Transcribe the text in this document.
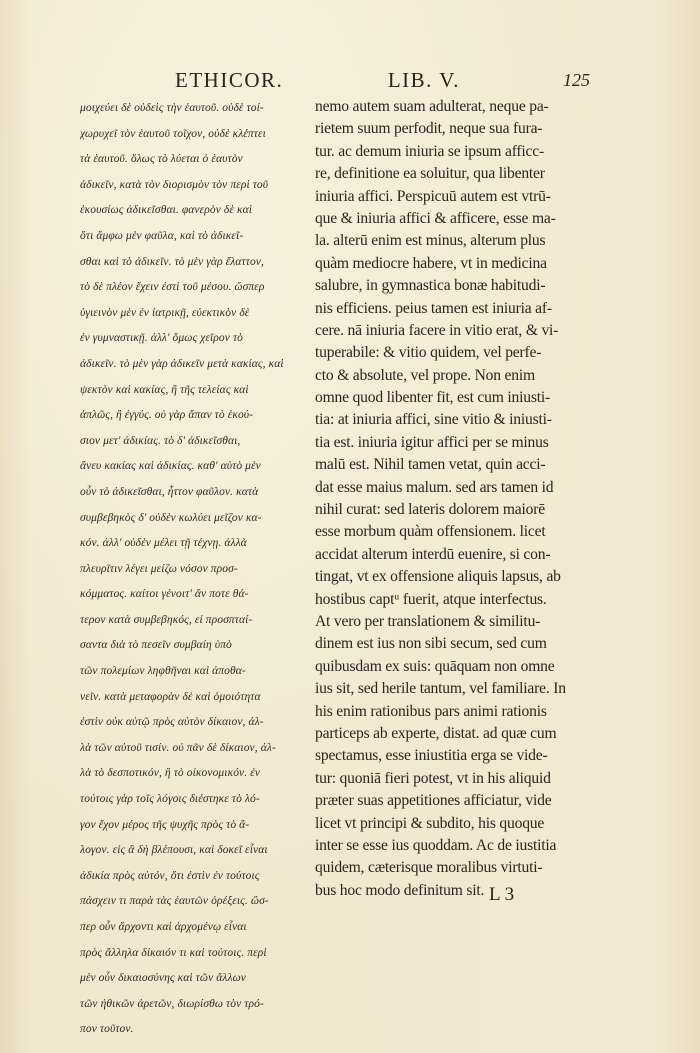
ETHICOR.	LIB. V.	125
μοιχεύει δὲ οὐδεὶς τὴν ἑαυτοῦ. οὐδὲ τοί-
χωρυχεῖ τὸν ἑαυτοῦ τοῖχον, οὐδὲ κλέπτει
τὰ ἑαυτοῦ. ὅλως τὸ λύεται ὁ ἑαυτὸν
ἀδικεῖν, κατὰ τὸν διορισμὸν τὸν περὶ τοῦ
ἑκουσίως ἀδικεῖσθαι. φανερὸν δὲ καὶ
ὅτι ἄμφω μὲν φαῦλα, καὶ τὸ ἀδικεῖ-
σθαι καὶ τὸ ἀδικεῖν. τὸ μὲν γὰρ ἔλαττον,
τὸ δὲ πλέον ἔχειν ἐστὶ τοῦ μέσου. ὥσπερ
ὑγιεινὸν μὲν ἐν ἰατρικῇ, εὐεκτικὸν δὲ
ἐν γυμναστικῇ. ἀλλ' ὅμως χεῖρον τὸ
ἀδικεῖν. τὸ μὲν γὰρ ἀδικεῖν μετὰ κακίας, καὶ
ψεκτὸν καὶ κακίας, ἢ τῆς τελείας καὶ
ἁπλῶς, ἢ ἐγγύς. οὐ γὰρ ἅπαν τὸ ἑκού-
σιον μετ' ἀδικίας. τὸ δ' ἀδικεῖσθαι,
ἄνευ κακίας καὶ ἀδικίας. καθ' αὑτὸ μὲν
οὖν τὸ ἀδικεῖσθαι, ἧττον φαῦλον. κατὰ
συμβεβηκὸς δ' οὐδὲν κωλύει μεῖζον κα-
κόν. ἀλλ' οὐδὲν μέλει τῇ τέχνῃ. ἀλλὰ
πλευρῖτιν λέγει μείζω νόσον προσ-
κόμματος. καίτοι γένοιτ' ἄν ποτε θά-
τερον κατὰ συμβεβηκός, εἰ προσπταί-
σαντα διὰ τὸ πεσεῖν συμβαίη ὑπὸ
τῶν πολεμίων ληφθῆναι καὶ ἀποθα-
νεῖν. κατὰ μεταφορὰν δὲ καὶ ὁμοιότητα
ἐστὶν οὐκ αὐτῷ πρὸς αὑτὸν δίκαιον, ἀλ-
λὰ τῶν αὐτοῦ τισίν. οὐ πᾶν δὲ δίκαιον, ἀλ-
λὰ τὸ δεσποτικόν, ἢ τὸ οἰκονομικόν. ἐν
τούτοις γὰρ τοῖς λόγοις διέστηκε τὸ λό-
γον ἔχον μέρος τῆς ψυχῆς πρὸς τὸ ἄ-
λογον. εἰς ἃ δὴ βλέπουσι, καὶ δοκεῖ εἶναι
ἀδικία πρὸς αὑτόν, ὅτι ἐστὶν ἐν τούτοις
πάσχειν τι παρὰ τὰς ἑαυτῶν ὀρέξεις. ὥσ-
περ οὖν ἄρχοντι καὶ ἀρχομένῳ εἶναι
πρὸς ἄλληλα δίκαιόν τι καὶ τούτοις. περὶ
μὲν οὖν δικαιοσύνης καὶ τῶν ἄλλων
τῶν ἠθικῶν ἀρετῶν, διωρίσθω τὸν τρό-
πον τοῦτον.
nemo autem suam adulterat, neque pa-
rietem suum perfodit, neque sua fura-
tur. ac demum iniuria se ipsum afficc-
re, definitione ea soluitur, qua libenter
iniuria affici. Perspicuū autem est vtrū-
que & iniuria affici & afficere, esse ma-
la. alterū enim est minus, alterum plus
quàm mediocre habere, vt in medicina
salubre, in gymnastica bonæ habitudi-
nis efficiens. peius tamen est iniuria af-
cere. nā iniuria facere in vitio erat, & vi-
tuperabile: & vitio quidem, vel perfe-
cto & absolute, vel prope. Non enim
omne quod libenter fit, est cum iniusti-
tia: at iniuria affici, sine vitio & iniusti-
tia est. iniuria igitur affici per se minus
malū est. Nihil tamen vetat, quin acci-
dat esse maius malum. sed ars tamen id
nihil curat: sed lateris dolorem maiorē
esse morbum quàm offensionem. licet
accidat alterum interdū euenire, si con-
tingat, vt ex offensione aliquis lapsus, ab
hostibus captᵘ fuerit, atque interfectus.
At vero per translationem & similitu-
dinem est ius non sibi secum, sed cum
quibusdam ex suis: quāquam non omne
ius sit, sed herile tantum, vel familiare. In
his enim rationibus pars animi rationis
particeps ab experte, distat. ad quæ cum
spectamus, esse iniustitia erga se vide-
tur: quoniā fieri potest, vt in his aliquid
præter suas appetitiones afficiatur, vide
licet vt principi & subdito, his quoque
inter se esse ius quoddam. Ac de iustitia
quidem, cæterisque moralibus virtuti-
bus hoc modo definitum sit. L 3
